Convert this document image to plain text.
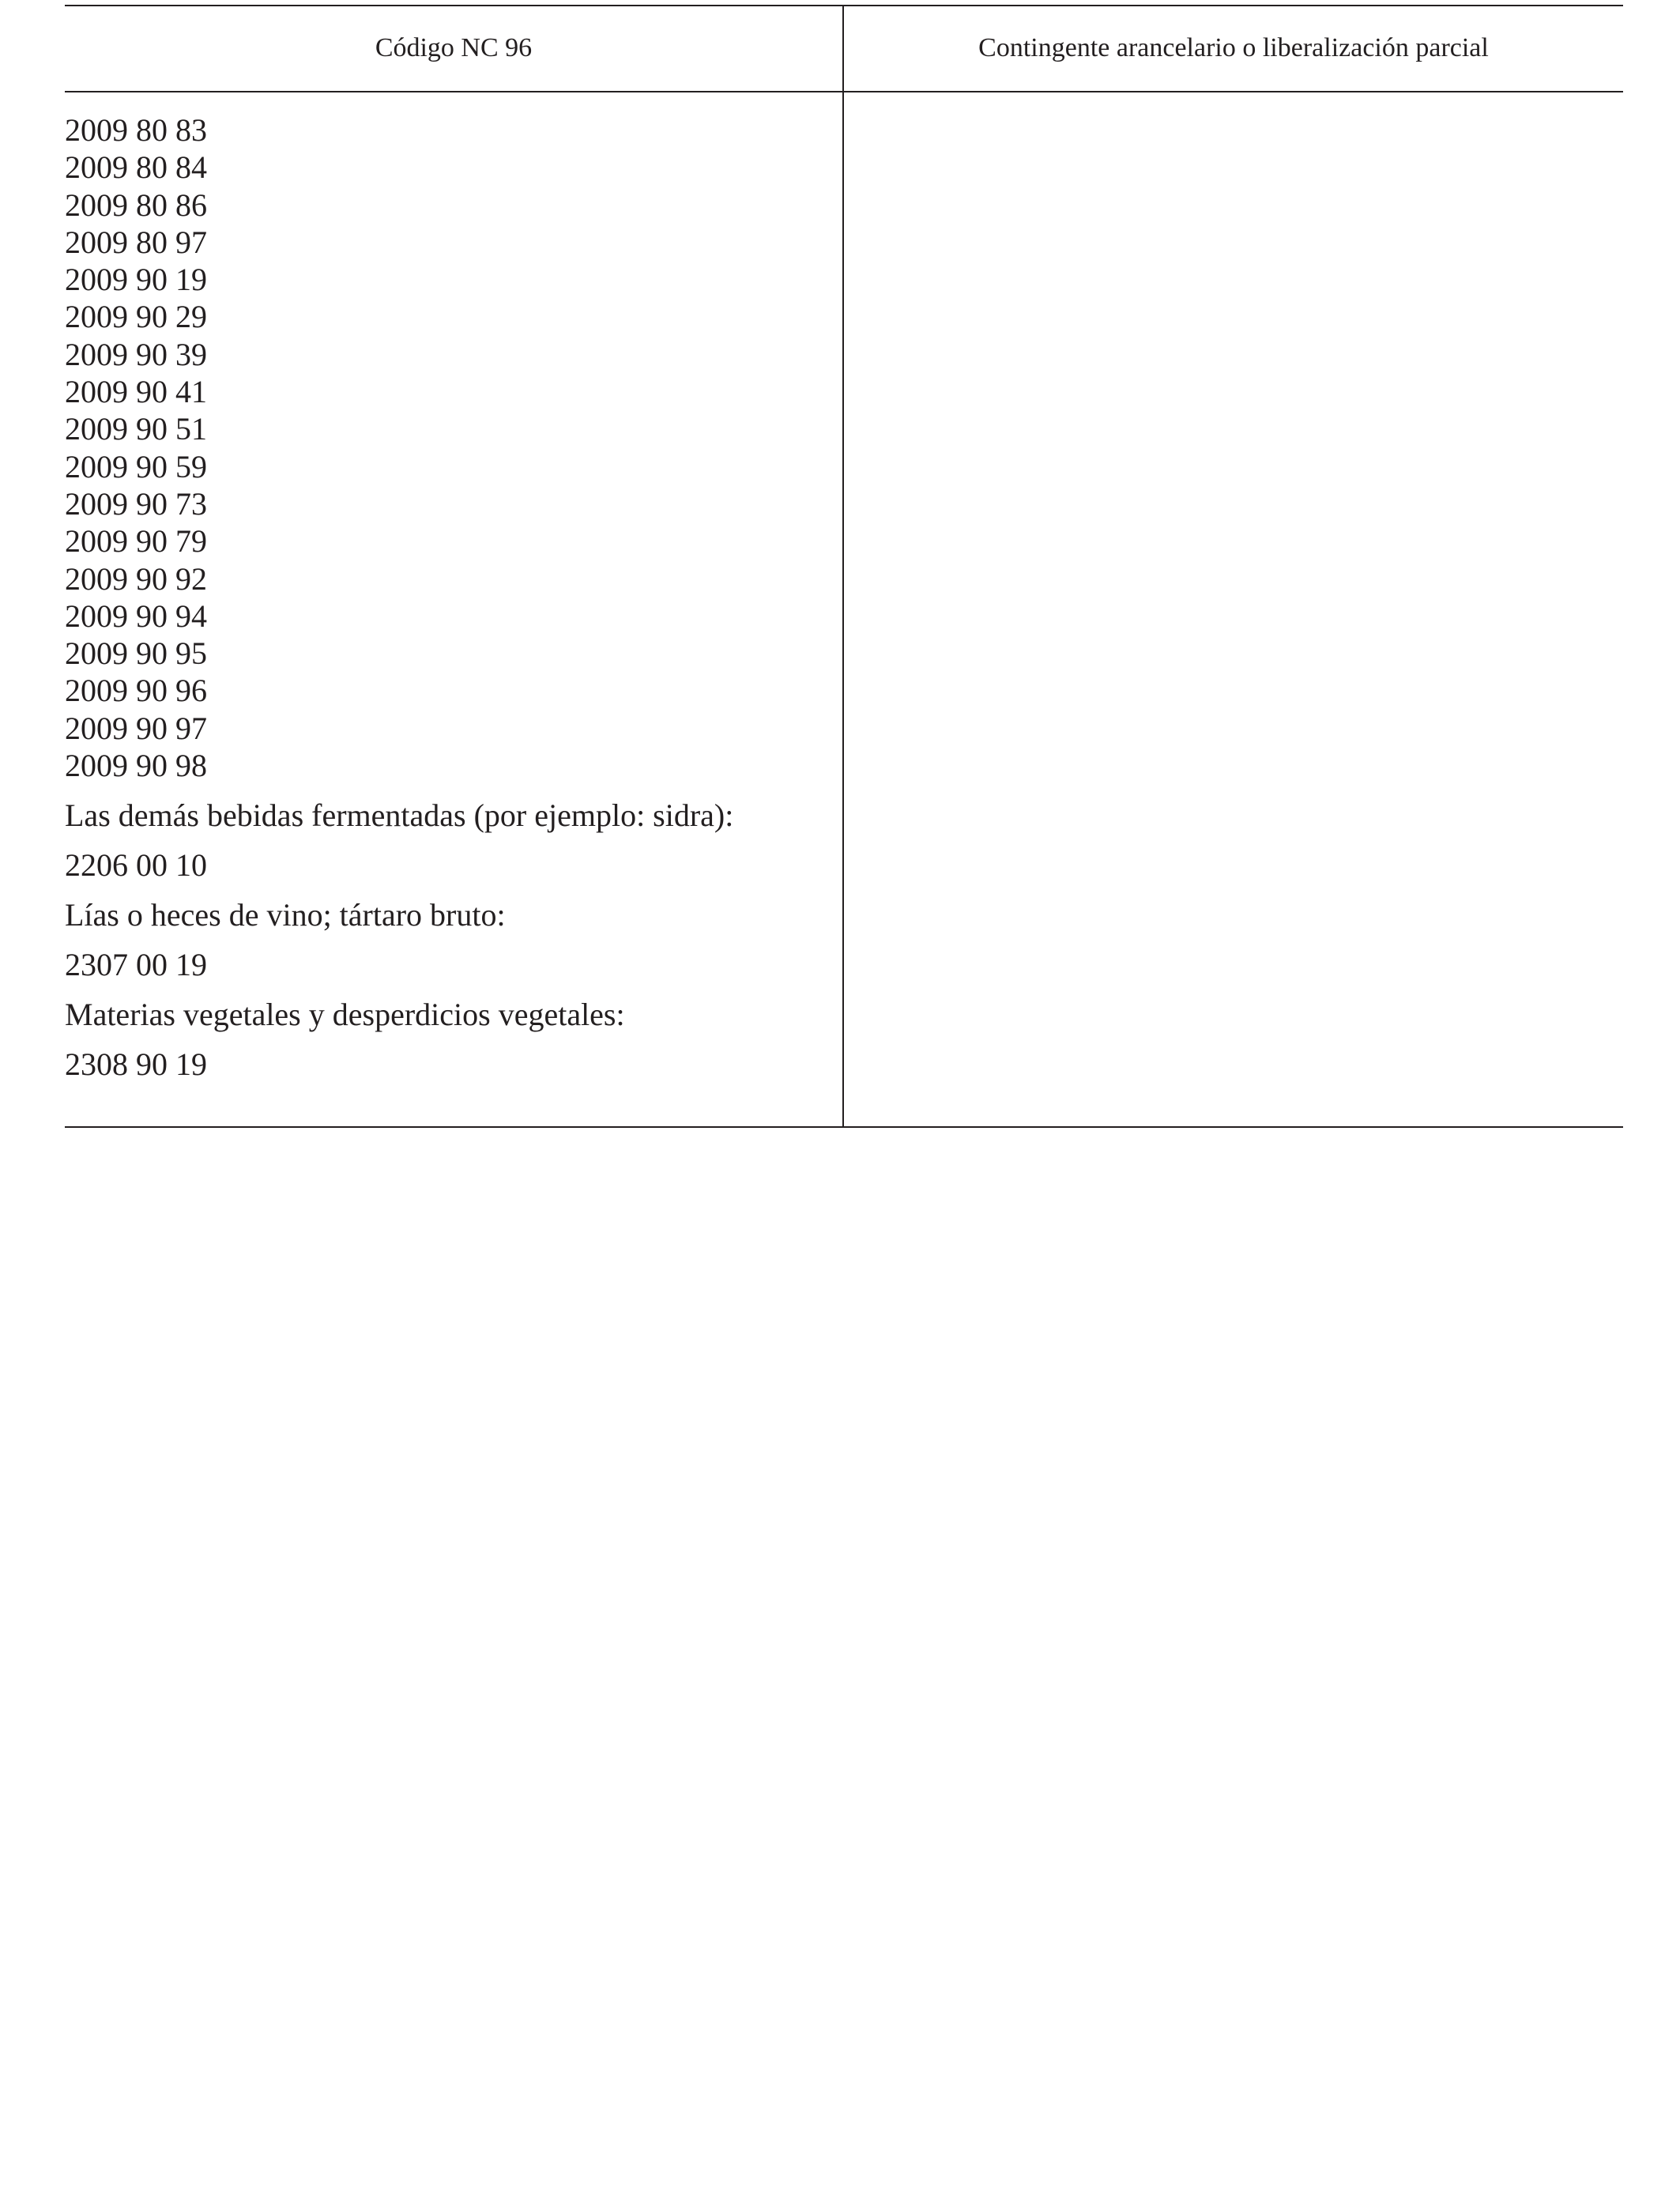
Código NC 96	Contingente arancelario o liberalización parcial
2009 80 83
2009 80 84
2009 80 86
2009 80 97
2009 90 19
2009 90 29
2009 90 39
2009 90 41
2009 90 51
2009 90 59
2009 90 73
2009 90 79
2009 90 92
2009 90 94
2009 90 95
2009 90 96
2009 90 97
2009 90 98
Las demás bebidas fermentadas (por ejemplo: sidra):
2206 00 10
Lías o heces de vino; tártaro bruto:
2307 00 19
Materias vegetales y desperdicios vegetales:
2308 90 19
